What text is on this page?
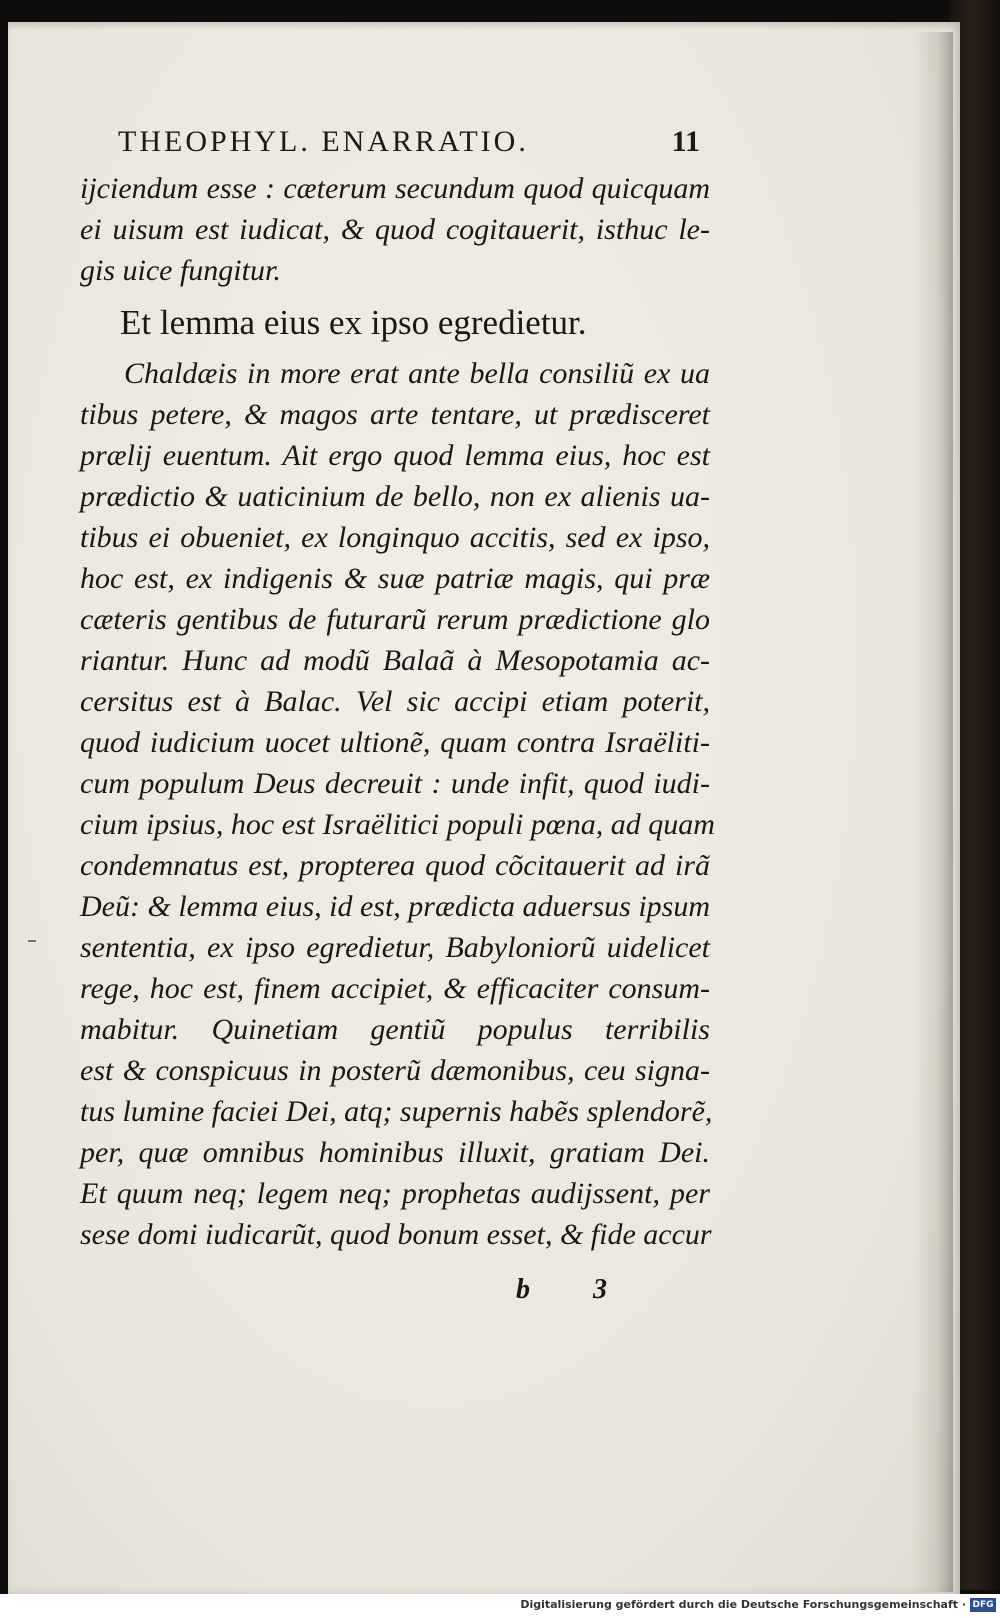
THEOPHYL. ENARRATIO.	11

ijciendum esse : cæterum secundum quod quicquam
ei uisum est iudicat, & quod cogitauerit, isthuc le-
gis uice fungitur.

Et lemma eius ex ipso egredietur.

Chaldæis in more erat ante bella consiliũ ex ua
tibus petere, & magos arte tentare, ut prædisceret
prælij euentum. Ait ergo quod lemma eius, hoc est
prædictio & uaticinium de bello, non ex alienis ua-
tibus ei obueniet, ex longinquo accitis, sed ex ipso,
hoc est, ex indigenis & suæ patriæ magis, qui præ
cæteris gentibus de futurarũ rerum prædictione glo
riantur. Hunc ad modũ Balaã à Mesopotamia ac-
cersitus est à Balac. Vel sic accipi etiam poterit,
quod iudicium uocet ultionẽ, quam contra Israëliti-
cum populum Deus decreuit : unde infit, quod iudi-
cium ipsius, hoc est Israëlitici populi pœna, ad quam
condemnatus est, propterea quod cõcitauerit ad irã
Deũ: & lemma eius, id est, prædicta aduersus ipsum
sententia, ex ipso egredietur, Babyloniorũ uidelicet
rege, hoc est, finem accipiet, & efficaciter consum-
mabitur. Quinetiam gentiũ populus terribilis
est & conspicuus in posterũ dæmonibus, ceu signa-
tus lumine faciei Dei, atq; supernis habẽs splendorẽ,
per, quæ omnibus hominibus illuxit, gratiam Dei.
Et quum neq; legem neq; prophetas audijssent, per
sese domi iudicarũt, quod bonum esset, & fide accur

b 3
Digitalisierung gefördert durch die Deutsche Forschungsgemeinschaft · DFG
